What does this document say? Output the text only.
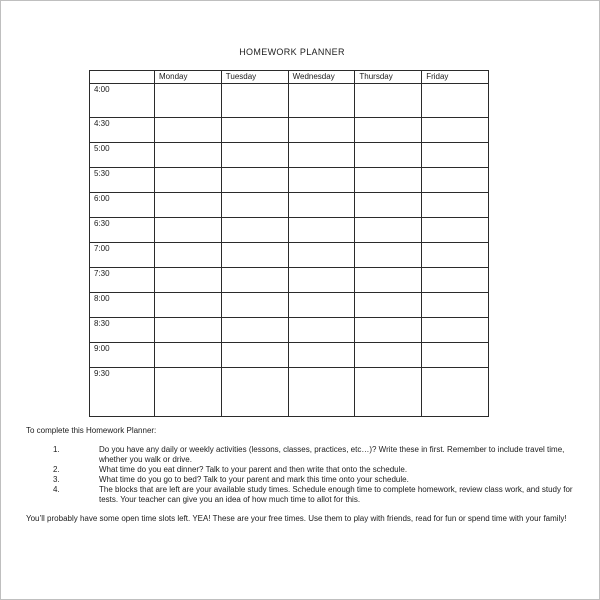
HOMEWORK PLANNER

	Monday	Tuesday	Wednesday	Thursday	Friday

4:00					

4:30					

5:00					

5:30					

6:00					

6:30					

7:00					

7:30					

8:00					

8:30					

9:00					

9:30					

To complete this Homework Planner:
1.	Do you have any daily or weekly activities (lessons, classes, practices, etc…)? Write these in first. Remember to include travel time, whether you walk or drive.
2.	What time do you eat dinner? Talk to your parent and then write that onto the schedule.
3.	What time do you go to bed? Talk to your parent and mark this time onto your schedule.
4.	The blocks that are left are your available study times. Schedule enough time to complete homework, review class work, and study for tests. Your teacher can give you an idea of how much time to allot for this.

You’ll probably have some open time slots left. YEA! These are your free times. Use them to play with friends, read for fun or spend time with your family!
